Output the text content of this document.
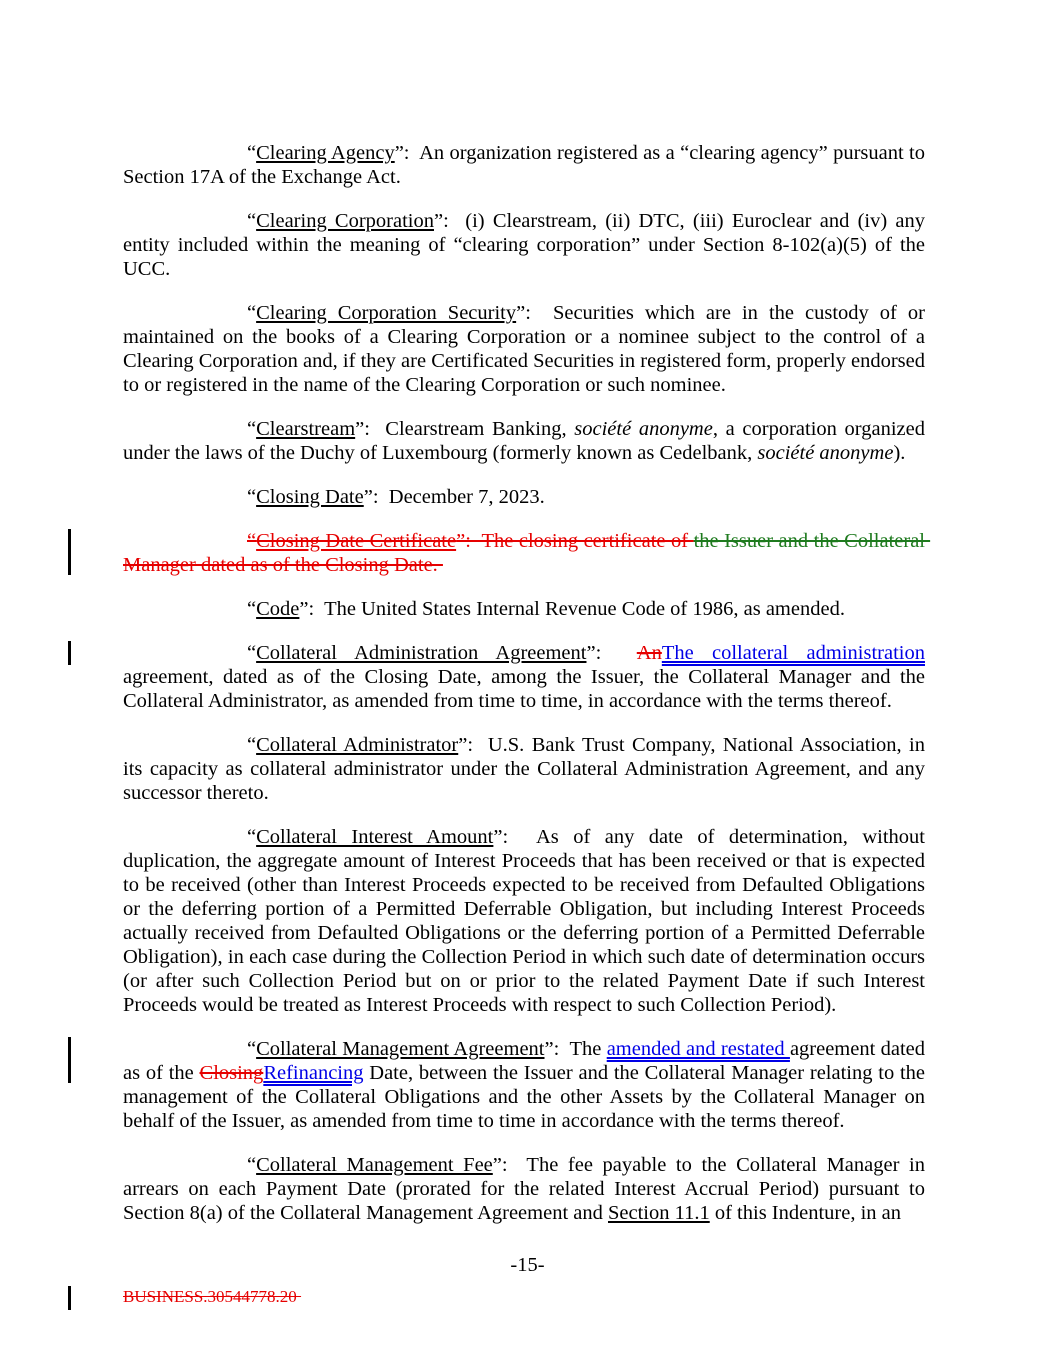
“Clearing Agency”:  An organization registered as a “clearing agency” pursuant to Section 17A of the Exchange Act.

“Clearing Corporation”:  (i) Clearstream, (ii) DTC, (iii) Euroclear and (iv) any entity included within the meaning of “clearing corporation” under Section 8-102(a)(5) of the UCC.

“Clearing Corporation Security”:  Securities which are in the custody of or maintained on the books of a Clearing Corporation or a nominee subject to the control of a Clearing Corporation and, if they are Certificated Securities in registered form, properly endorsed to or registered in the name of the Clearing Corporation or such nominee.

“Clearstream”:  Clearstream Banking, société anonyme, a corporation organized under the laws of the Duchy of Luxembourg (formerly known as Cedelbank, société anonyme).

“Closing Date”:  December 7, 2023.

“Closing Date Certificate”:  The closing certificate of the Issuer and the Collateral Manager dated as of the Closing Date.

“Code”:  The United States Internal Revenue Code of 1986, as amended.

“Collateral Administration Agreement”:  AnThe collateral administration agreement, dated as of the Closing Date, among the Issuer, the Collateral Manager and the Collateral Administrator, as amended from time to time, in accordance with the terms thereof.

“Collateral Administrator”:  U.S. Bank Trust Company, National Association, in its capacity as collateral administrator under the Collateral Administration Agreement, and any successor thereto.

“Collateral Interest Amount”:  As of any date of determination, without duplication, the aggregate amount of Interest Proceeds that has been received or that is expected to be received (other than Interest Proceeds expected to be received from Defaulted Obligations or the deferring portion of a Permitted Deferrable Obligation, but including Interest Proceeds actually received from Defaulted Obligations or the deferring portion of a Permitted Deferrable Obligation), in each case during the Collection Period in which such date of determination occurs (or after such Collection Period but on or prior to the related Payment Date if such Interest Proceeds would be treated as Interest Proceeds with respect to such Collection Period).

“Collateral Management Agreement”:  The amended and restated agreement dated as of the ClosingRefinancing Date, between the Issuer and the Collateral Manager relating to the management of the Collateral Obligations and the other Assets by the Collateral Manager on behalf of the Issuer, as amended from time to time in accordance with the terms thereof.

“Collateral Management Fee”:  The fee payable to the Collateral Manager in arrears on each Payment Date (prorated for the related Interest Accrual Period) pursuant to Section 8(a) of the Collateral Management Agreement and Section 11.1 of this Indenture, in an

-15-
BUSINESS.30544778.20
